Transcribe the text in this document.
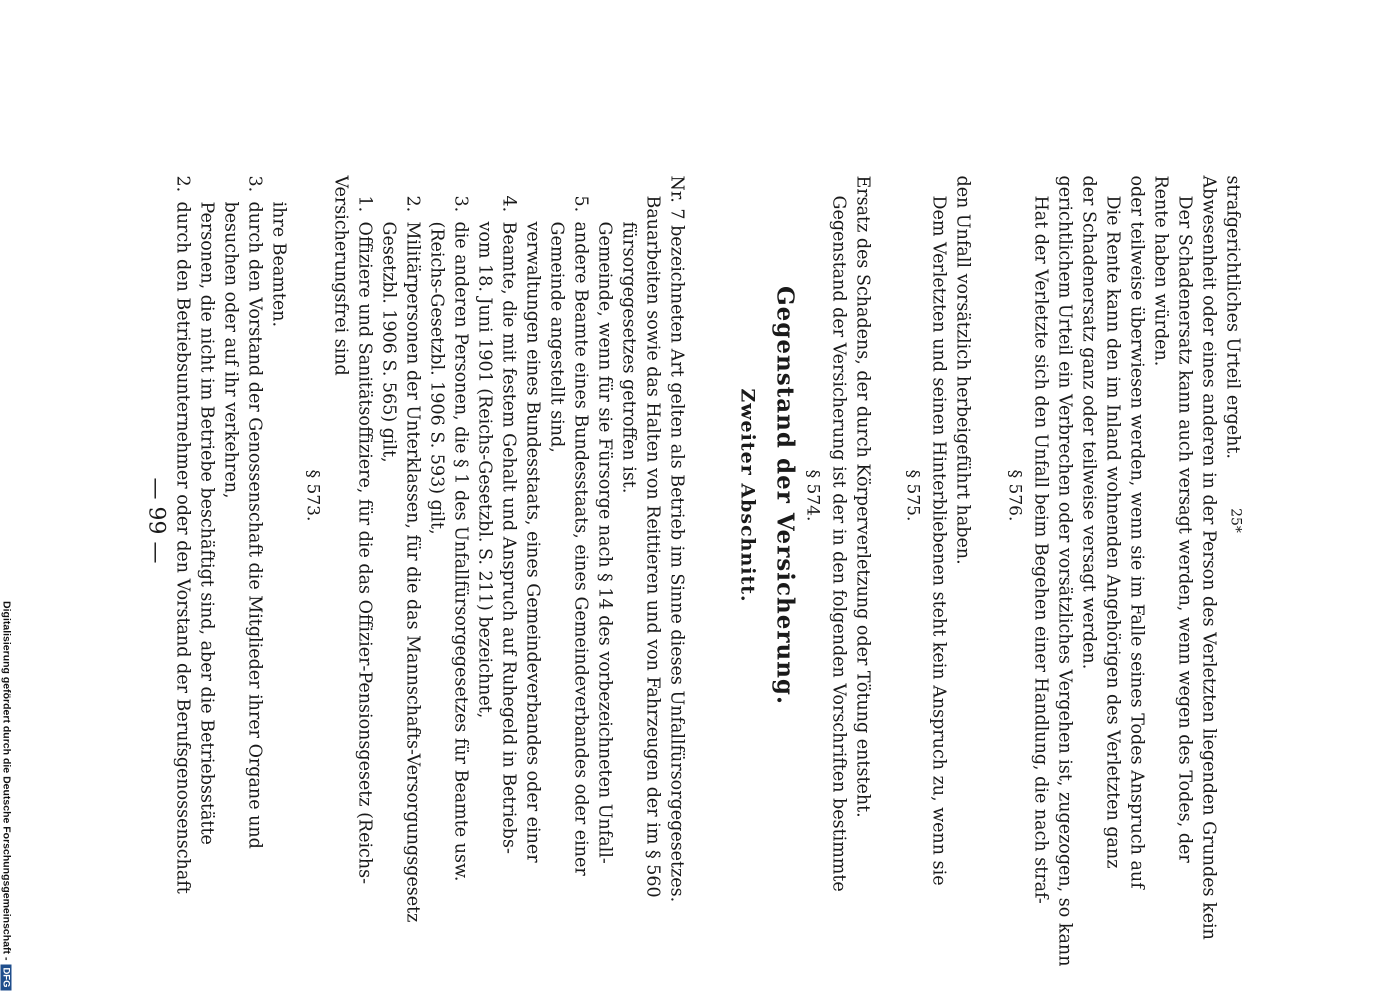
— 99 —
2.durch den Betriebsunternehmer oder den Vorstand der Berufsgenossenschaft Personen, die nicht im Betriebe beschäftigt sind, aber die Betriebsstätte besuchen oder auf ihr verkehren,
3.durch den Vorstand der Genossenschaft die Mitglieder ihrer Organe und ihre Beamten.
§ 573.
Versicherungsfrei sind 1.Offiziere und Sanitätsoffiziere, für die das Offizier-Pensionsgesetz (Reichs- Gesetzbl. 1906 S. 565) gilt,
2.Militärpersonen der Unterklassen, für die das Mannschafts-Versorgungsgesetz (Reichs-Gesetzbl. 1906 S. 593) gilt,
3.die anderen Personen, die § 1 des Unfallfürsorgegesetzes für Beamte usw. vom 18. Juni 1901 (Reichs-Gesetzbl. S. 211) bezeichnet,
4.Beamte, die mit festem Gehalt und Anspruch auf Ruhegeld in Betriebs- verwaltungen eines Bundesstaats, eines Gemeindeverbandes oder einer Gemeinde angestellt sind,
5.andere Beamte eines Bundesstaats, eines Gemeindeverbandes oder einer Gemeinde, wenn für sie Fürsorge nach § 14 des vorbezeichneten Unfall- fürsorgegesetzes getroffen ist. Bauarbeiten sowie das Halten von Reittieren und von Fahrzeugen der im § 560 Nr. 7 bezeichneten Art gelten als Betrieb im Sinne dieses Unfallfürsorgegesetzes.	Zweiter Abschnitt. Gegenstand der Versicherung. § 574. Gegenstand der Versicherung ist der in den folgenden Vorschriften bestimmte Ersatz des Schadens, der durch Körperverletzung oder Tötung entsteht. § 575. Dem Verletzten und seinen Hinterbliebenen steht kein Anspruch zu, wenn sie den Unfall vorsätzlich herbeigeführt haben. § 576. Hat der Verletzte sich den Unfall beim Begehen einer Handlung, die nach straf- gerichtlichem Urteil ein Verbrechen oder vorsätzliches Vergehen ist, zugezogen, so kann der Schadenersatz ganz oder teilweise versagt werden. Die Rente kann den im Inland wohnenden Angehörigen des Verletzten ganz oder teilweise überwiesen werden, wenn sie im Falle seines Todes Anspruch auf Rente haben würden. Der Schadenersatz kann auch versagt werden, wenn wegen des Todes, der Abwesenheit oder eines anderen in der Person des Verletzten liegenden Grundes kein strafgerichtliches Urteil ergeht.
25*
Digitalisierung gefördert durch die Deutsche Forschungsgemeinschaft -DFG
